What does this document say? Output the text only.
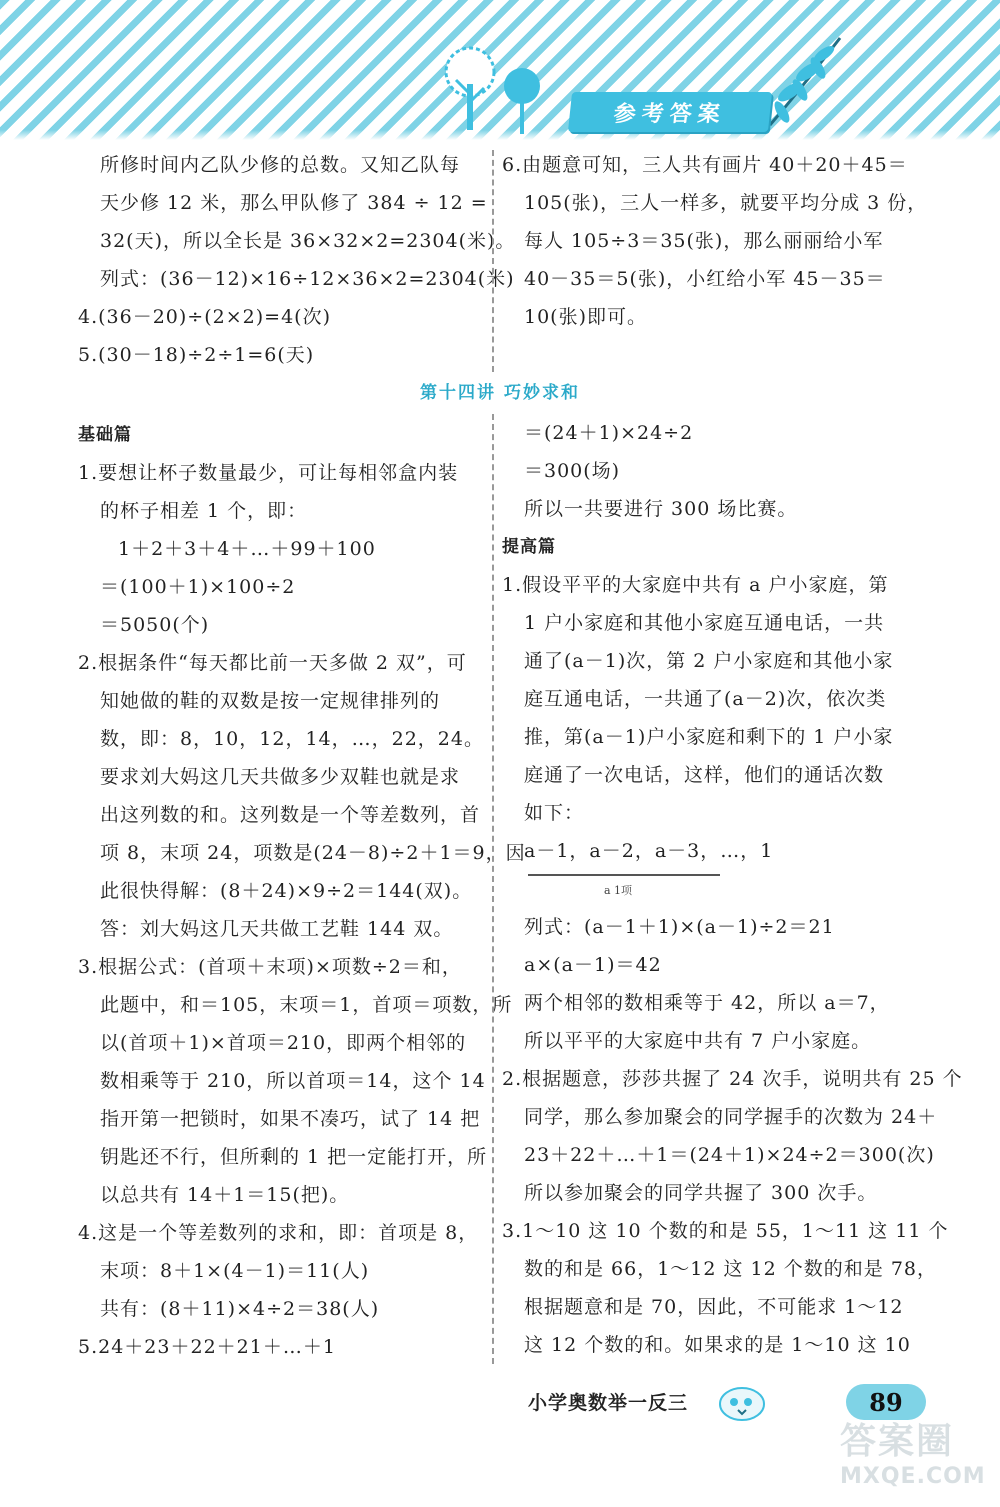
参考答案
所修时间内乙队少修的总数。又知乙队每
天少修 12 米，那么甲队修了 384 ÷ 12 =
32(天)，所以全长是 36×32×2=2304(米)。
列式：(36－12)×16÷12×36×2=2304(米)
4.(36－20)÷(2×2)=4(次)
5.(30－18)÷2÷1=6(天)
6.由题意可知，三人共有画片 40＋20＋45＝
105(张)，三人一样多，就要平均分成 3 份，
每人 105÷3＝35(张)，那么丽丽给小军
40－35＝5(张)，小红给小军 45－35＝
10(张)即可。
第十四讲 巧妙求和
基础篇
1.要想让杯子数量最少，可让每相邻盒内装
的杯子相差 1 个，即：
1＋2＋3＋4＋…＋99＋100
＝(100＋1)×100÷2
＝5050(个)
2.根据条件“每天都比前一天多做 2 双”，可
知她做的鞋的双数是按一定规律排列的
数，即：8，10，12，14，…，22，24。
要求刘大妈这几天共做多少双鞋也就是求
出这列数的和。这列数是一个等差数列，首
项 8，末项 24，项数是(24－8)÷2＋1＝9，因
此很快得解：(8＋24)×9÷2＝144(双)。
答：刘大妈这几天共做工艺鞋 144 双。
3.根据公式：(首项＋末项)×项数÷2＝和，
此题中，和＝105，末项＝1，首项＝项数，所
以(首项＋1)×首项＝210，即两个相邻的
数相乘等于 210，所以首项＝14，这个 14
指开第一把锁时，如果不凑巧，试了 14 把
钥匙还不行，但所剩的 1 把一定能打开，所
以总共有 14＋1＝15(把)。
4.这是一个等差数列的求和，即：首项是 8，
末项：8＋1×(4－1)＝11(人)
共有：(8＋11)×4÷2＝38(人)
5.24＋23＋22＋21＋…＋1
＝(24＋1)×24÷2
＝300(场)
所以一共要进行 300 场比赛。
提高篇
1.假设平平的大家庭中共有 a 户小家庭，第
1 户小家庭和其他小家庭互通电话，一共
通了(a－1)次，第 2 户小家庭和其他小家
庭互通电话，一共通了(a－2)次，依次类
推，第(a－1)户小家庭和剩下的 1 户小家
庭通了一次电话，这样，他们的通话次数
如下：
a－1，a－2，a－3，…，1
a 1项
列式：(a－1＋1)×(a－1)÷2＝21
a×(a－1)＝42
两个相邻的数相乘等于 42，所以 a＝7，
所以平平的大家庭中共有 7 户小家庭。
2.根据题意，莎莎共握了 24 次手，说明共有 25 个
同学，那么参加聚会的同学握手的次数为 24＋
23＋22＋…＋1＝(24＋1)×24÷2＝300(次)
所以参加聚会的同学共握了 300 次手。
3.1～10 这 10 个数的和是 55，1～11 这 11 个
数的和是 66，1～12 这 12 个数的和是 78，
根据题意和是 70，因此，不可能求 1～12
这 12 个数的和。如果求的是 1～10 这 10
小学奥数举一反三	89
答案圈
MXQE.COM
